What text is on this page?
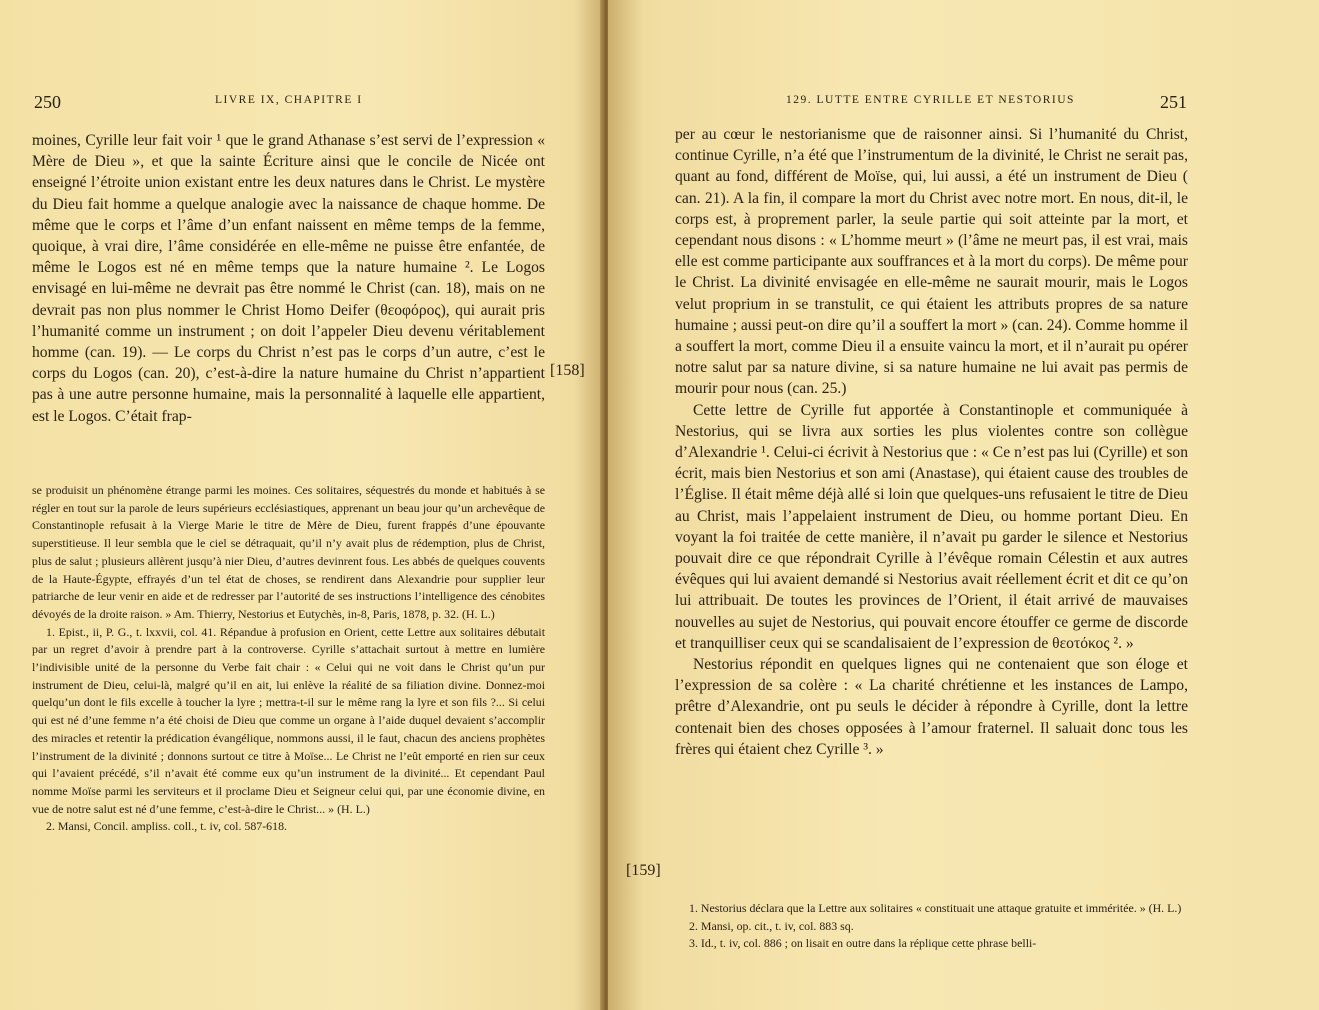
250	LIVRE IX, CHAPITRE I

moines, Cyrille leur fait voir ¹ que le grand Athanase s’est servi de l’expression « Mère de Dieu », et que la sainte Écriture ainsi que le concile de Nicée ont enseigné l’étroite union existant entre les deux natures dans le Christ. Le mystère du Dieu fait homme a quelque analogie avec la naissance de chaque homme. De même que le corps et l’âme d’un enfant naissent en même temps de la femme, quoique, à vrai dire, l’âme considérée en elle-même ne puisse être enfantée, de même le Logos est né en même temps que la nature humaine ². Le Logos envisagé en lui-même ne devrait pas être nommé le Christ (can. 18), mais on ne devrait pas non plus nommer le Christ Homo Deifer (θεοφόρος), qui aurait pris l’humanité comme un instrument ; on doit l’appeler Dieu devenu véritablement homme (can. 19). — Le corps du Christ n’est pas le corps d’un autre, c’est le corps du Logos (can. 20), c’est-à-dire la nature humaine du Christ n’appartient pas à une autre personne humaine, mais la personnalité à laquelle elle appartient, est le Logos. C’était frap-

se produisit un phénomène étrange parmi les moines. Ces solitaires, séquestrés du monde et habitués à se régler en tout sur la parole de leurs supérieurs ecclésiastiques, apprenant un beau jour qu’un archevêque de Constantinople refusait à la Vierge Marie le titre de Mère de Dieu, furent frappés d’une épouvante superstitieuse. Il leur sembla que le ciel se détraquait, qu’il n’y avait plus de rédemption, plus de Christ, plus de salut ; plusieurs allèrent jusqu’à nier Dieu, d’autres devinrent fous. Les abbés de quelques couvents de la Haute-Égypte, effrayés d’un tel état de choses, se rendirent dans Alexandrie pour supplier leur patriarche de leur venir en aide et de redresser par l’autorité de ses instructions l’intelligence des cénobites dévoyés de la droite raison. » Am. Thierry, Nestorius et Eutychès, in-8, Paris, 1878, p. 32. (H. L.)

1. Epist., ii, P. G., t. lxxvii, col. 41. Répandue à profusion en Orient, cette Lettre aux solitaires débutait par un regret d’avoir à prendre part à la controverse. Cyrille s’attachait surtout à mettre en lumière l’indivisible unité de la personne du Verbe fait chair : « Celui qui ne voit dans le Christ qu’un pur instrument de Dieu, celui-là, malgré qu’il en ait, lui enlève la réalité de sa filiation divine. Donnez-moi quelqu’un dont le fils excelle à toucher la lyre ; mettra-t-il sur le même rang la lyre et son fils ?... Si celui qui est né d’une femme n’a été choisi de Dieu que comme un organe à l’aide duquel devaient s’accomplir des miracles et retentir la prédication évangélique, nommons aussi, il le faut, chacun des anciens prophètes l’instrument de la divinité ; donnons surtout ce titre à Moïse... Le Christ ne l’eût emporté en rien sur ceux qui l’avaient précédé, s’il n’avait été comme eux qu’un instrument de la divinité... Et cependant Paul nomme Moïse parmi les serviteurs et il proclame Dieu et Seigneur celui qui, par une économie divine, en vue de notre salut est né d’une femme, c’est-à-dire le Christ... » (H. L.)

2. Mansi, Concil. ampliss. coll., t. iv, col. 587-618.

[158]
129. LUTTE ENTRE CYRILLE ET NESTORIUS	251

per au cœur le nestorianisme que de raisonner ainsi. Si l’humanité du Christ, continue Cyrille, n’a été que l’instrumentum de la divinité, le Christ ne serait pas, quant au fond, différent de Moïse, qui, lui aussi, a été un instrument de Dieu ( can. 21). A la fin, il compare la mort du Christ avec notre mort. En nous, dit-il, le corps est, à proprement parler, la seule partie qui soit atteinte par la mort, et cependant nous disons : « L’homme meurt » (l’âme ne meurt pas, il est vrai, mais elle est comme participante aux souffrances et à la mort du corps). De même pour le Christ. La divinité envisagée en elle-même ne saurait mourir, mais le Logos velut proprium in se transtulit, ce qui étaient les attributs propres de sa nature humaine ; aussi peut-on dire qu’il a souffert la mort » (can. 24). Comme homme il a souffert la mort, comme Dieu il a ensuite vaincu la mort, et il n’aurait pu opérer notre salut par sa nature divine, si sa nature humaine ne lui avait pas permis de mourir pour nous (can. 25.)

Cette lettre de Cyrille fut apportée à Constantinople et communiquée à Nestorius, qui se livra aux sorties les plus violentes contre son collègue d’Alexandrie ¹. Celui-ci écrivit à Nestorius que : « Ce n’est pas lui (Cyrille) et son écrit, mais bien Nestorius et son ami (Anastase), qui étaient cause des troubles de l’Église. Il était même déjà allé si loin que quelques-uns refusaient le titre de Dieu au Christ, mais l’appelaient instrument de Dieu, ou homme portant Dieu. En voyant la foi traitée de cette manière, il n’avait pu garder le silence et Nestorius pouvait dire ce que répondrait Cyrille à l’évêque romain Célestin et aux autres évêques qui lui avaient demandé si Nestorius avait réellement écrit et dit ce qu’on lui attribuait. De toutes les provinces de l’Orient, il était arrivé de mauvaises nouvelles au sujet de Nestorius, qui pouvait encore étouffer ce germe de discorde et tranquilliser ceux qui se scandalisaient de l’expression de θεοτόκος ². »

Nestorius répondit en quelques lignes qui ne contenaient que son éloge et l’expression de sa colère : « La charité chrétienne et les instances de Lampo, prêtre d’Alexandrie, ont pu seuls le décider à répondre à Cyrille, dont la lettre contenait bien des choses opposées à l’amour fraternel. Il saluait donc tous les frères qui étaient chez Cyrille ³. »

1. Nestorius déclara que la Lettre aux solitaires « constituait une attaque gratuite et imméritée. » (H. L.)

2. Mansi, op. cit., t. iv, col. 883 sq.

3. Id., t. iv, col. 886 ; on lisait en outre dans la réplique cette phrase belli-

[159]
